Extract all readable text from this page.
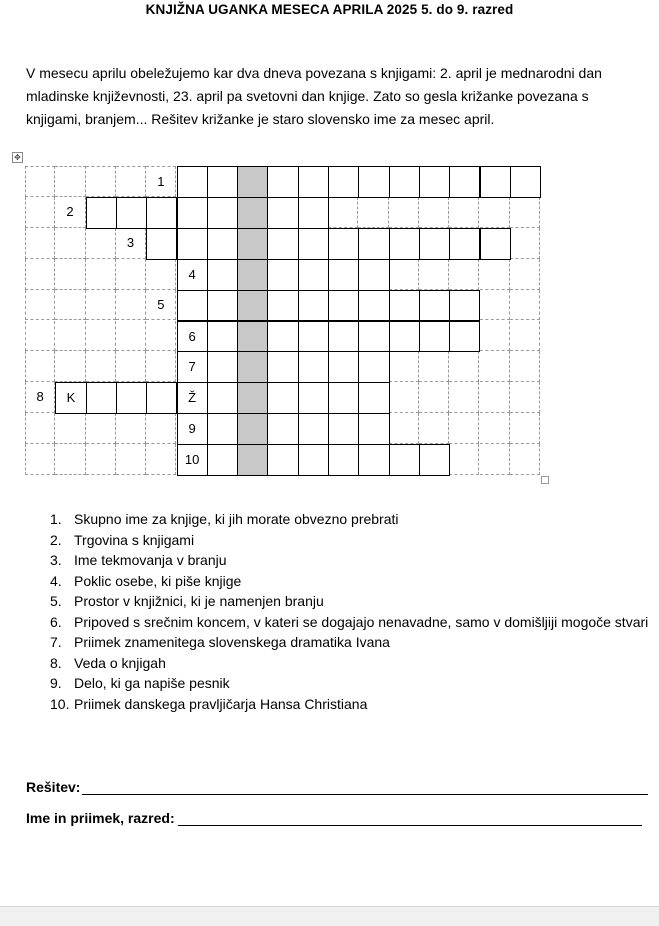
KNJIŽNA UGANKA MESECA APRILA 2025 5. do 9. razred
V mesecu aprilu obeležujemo kar dva dneva povezana s knjigami: 2. april je mednarodni dan mladinske književnosti, 23. april pa svetovni dan knjige. Zato so gesla križanke povezana s knjigami, branjem... Rešitev križanke je staro slovensko ime za mesec april.
✥
1
2
3
4
5
6
7
8	K	Ž
9
10
1. Skupno ime za knjige, ki jih morate obvezno prebrati
2. Trgovina s knjigami
3. Ime tekmovanja v branju
4. Poklic osebe, ki piše knjige
5. Prostor v knjižnici, ki je namenjen branju
6. Pripoved s srečnim koncem, v kateri se dogajajo nenavadne, samo v domišljiji mogoče stvari
7. Priimek znamenitega slovenskega dramatika Ivana
8. Veda o knjigah
9. Delo, ki ga napiše pesnik
10. Priimek danskega pravljičarja Hansa Christiana
Rešitev:
Ime in priimek, razred:
